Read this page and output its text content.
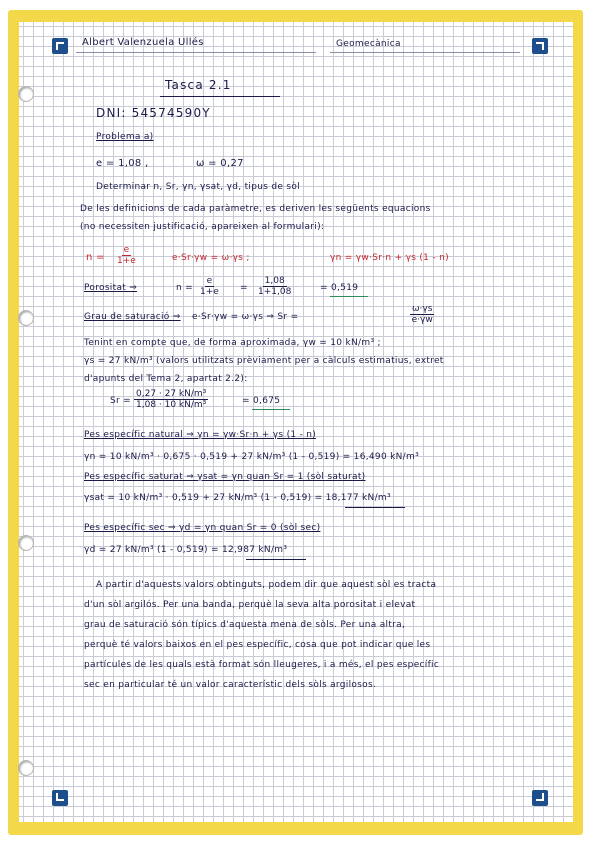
Albert Valenzuela Ullés	Geomecànica
Tasca 2.1
DNI: 54574590Y
Problema a)
e = 1,08 ,	ω = 0,27
Determinar n, Sr, γn, γsat, γd, tipus de sòl
De les definicions de cada paràmetre, es deriven les següents equacions
(no necessiten justificació, apareixen al formulari):
$n = \frac{e}{1+e}$	e·Sr·γw = ω·γs ;	γn = γw·Sr·n + γs (1 - n)
Porositat ⇒	$n = \frac{e}{1+e} = \frac{1,08}{1+1,08}$	= 0,519
Grau de saturació ⇒ e·Sr·γw = ω·γs ⇒ Sr =	$\frac{\omega\cdot\gamma s}{e\cdot\gamma w}$
Tenint en compte que, de forma aproximada, γw = 10 kN/m³ ;
γs = 27 kN/m³ (valors utilitzats prèviament per a càlculs estimatius, extret
d'apunts del Tema 2, apartat 2.2):
$Sr = \frac{\text{0,27 · 27 kN/m³}}{\text{1,08 · 10 kN/m³}}$	= 0,675
Pes específic natural ⇒ γn = γw·Sr·n + γs (1 - n)
γn = 10 kN/m³ · 0,675 · 0,519 + 27 kN/m³ (1 - 0,519) = 16,490 kN/m³
Pes específic saturat ⇒ γsat = γn quan Sr = 1 (sòl saturat)
γsat = 10 kN/m³ · 0,519 + 27 kN/m³ (1 - 0,519) = 18,177 kN/m³
Pes específic sec ⇒ γd = γn quan Sr = 0 (sòl sec)
γd = 27 kN/m³ (1 - 0,519) = 12,987 kN/m³
A partir d'aquests valors obtinguts, podem dir que aquest sòl es tracta
d'un sòl argilós. Per una banda, perquè la seva alta porositat i elevat
grau de saturació són típics d'aquesta mena de sòls. Per una altra,
perquè té valors baixos en el pes específic, cosa que pot indicar que les
partícules de les quals està format són lleugeres, i a més, el pes específic
sec en particular té un valor característic dels sòls argilosos.
